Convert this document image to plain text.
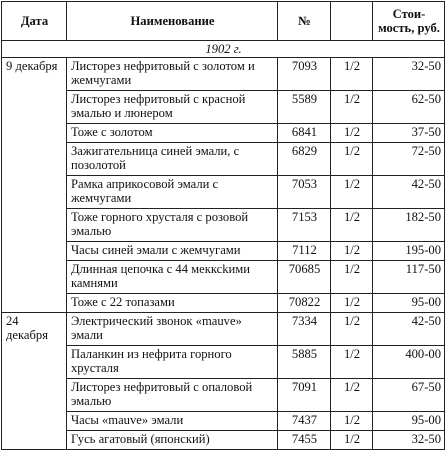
Дата	Наименование	№		Стои-
мость, руб.
1902 г.				
9 декабря	Листорез нефритовый с золотом и жемчугами	7093	1/2	32-50
	Листорез нефритовый с красной эмалью и люнером	5589	1/2	62-50
	Тоже с золотом	6841	1/2	37-50
	Зажигательница синей эмали, с позолотой	6829	1/2	72-50
	Рамка априкосовой эмали с жемчугами	7053	1/2	42-50
	Тоже горного хрусталя с розовой эмалью	7153	1/2	182-50
	Часы синей эмали с жемчугами	7112	1/2	195-00
	Длинная цепочка с 44 мекксkими камнями	70685	1/2	117-50
	Тоже с 22 топазами	70822	1/2	95-00
24 декабря	Электрический звонок «mauve» эмали	7334	1/2	42-50
	Паланкин из нефрита горного хрусталя	5885	1/2	400-00
	Листорез нефритовый с опаловой эмалью	7091	1/2	67-50
	Часы «mauve» эмали	7437	1/2	95-00
	Гусь агатовый (японский)	7455	1/2	32-50
